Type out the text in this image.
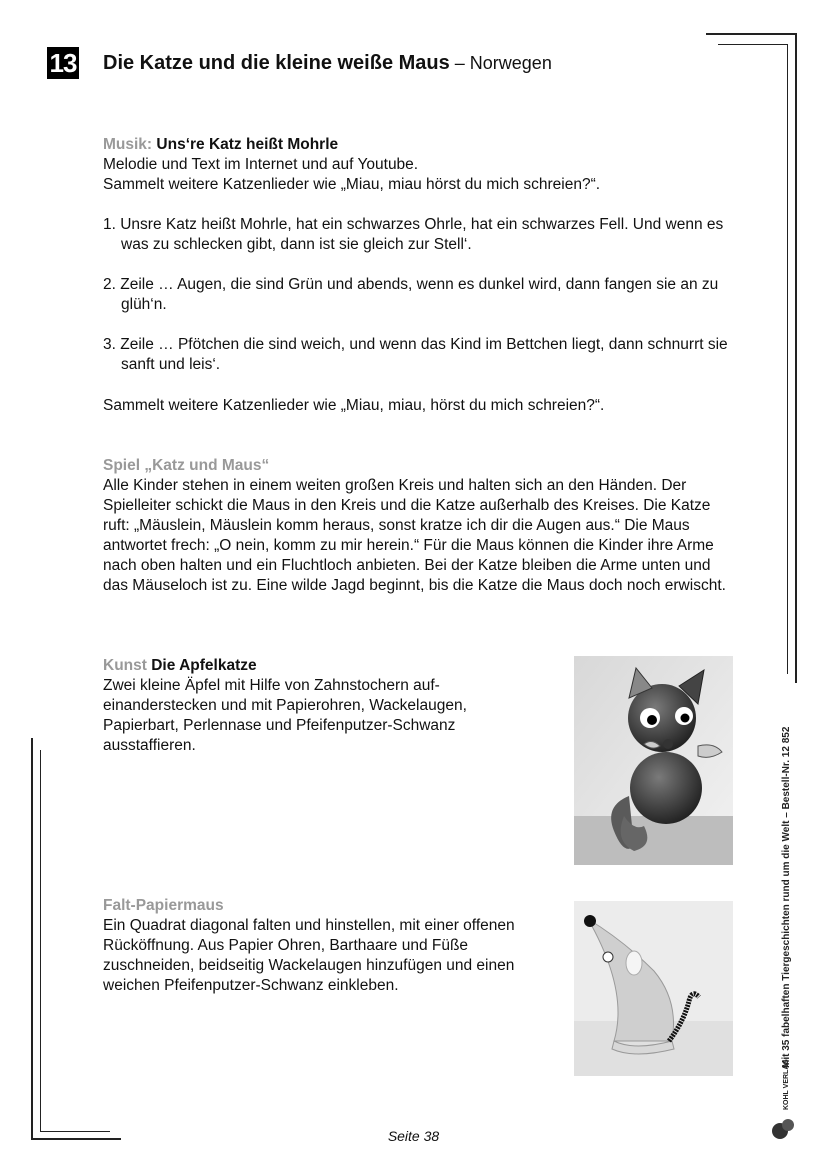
13 Die Katze und die kleine weiße Maus – Norwegen

Musik: Uns‘re Katz heißt Mohrle

Melodie und Text im Internet und auf Youtube.

Sammelt weitere Katzenlieder wie „Miau, miau hörst du mich schreien?“.

1. Unsre Katz heißt Mohrle, hat ein schwarzes Ohrle, hat ein schwarzes Fell. Und wenn es was zu schlecken gibt, dann ist sie gleich zur Stell‘.
2. Zeile … Augen, die sind Grün und abends, wenn es dunkel wird, dann fangen sie an zu glüh‘n.
3. Zeile … Pfötchen die sind weich, und wenn das Kind im Bettchen liegt, dann schnurrt sie sanft und leis‘.
Sammelt weitere Katzenlieder wie „Miau, miau, hörst du mich schreien?“.

Spiel „Katz und Maus“

Alle Kinder stehen in einem weiten großen Kreis und halten sich an den Händen. Der Spielleiter schickt die Maus in den Kreis und die Katze außerhalb des Kreises. Die Katze ruft: „Mäuslein, Mäuslein komm heraus, sonst kratze ich dir die Augen aus.“ Die Maus antwortet frech: „O nein, komm zu mir herein.“ Für die Maus können die Kinder ihre Arme nach oben halten und ein Fluchtloch anbieten. Bei der Katze bleiben die Arme unten und das Mäuseloch ist zu. Eine wilde Jagd beginnt, bis die Katze die Maus doch noch erwischt.

Kunst Die Apfelkatze

Zwei kleine Äpfel mit Hilfe von Zahnstochern auf-einanderstecken und mit Papierohren, Wackelaugen, Papierbart, Perlennase und Pfeifenputzer-Schwanz ausstaffieren.

Falt-Papiermaus

Ein Quadrat diagonal falten und hinstellen, mit einer offenen Rücköffnung. Aus Papier Ohren, Barthaare und Füße zuschneiden, beidseitig Wackelaugen hinzufügen und einen weichen Pfeifenputzer-Schwanz einkleben.	Mit 35 fabelhaften Tiergeschichten rund um die Welt – Bestell-Nr. 12 852
KOHL VERLAG
Seite 38
